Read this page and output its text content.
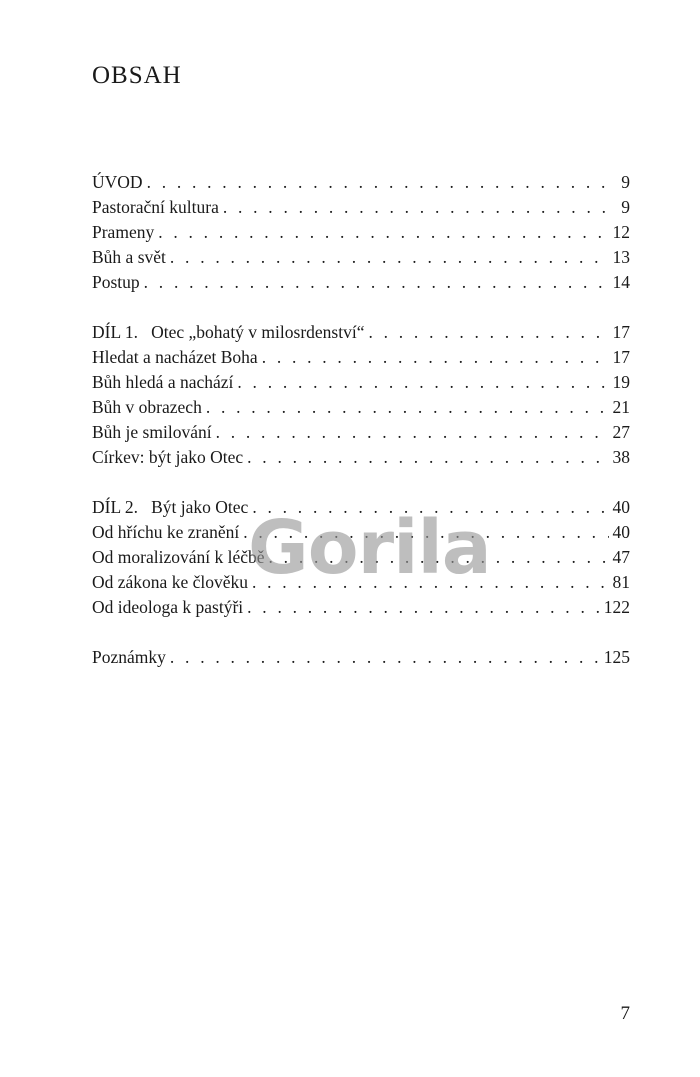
OBSAH
ÚVOD . . .	9
Pastorační kultura . . .	9
Prameny . . .	12
Bůh a svět . . .	13
Postup . . .	14
DÍL 1.   Otec „bohatý v milosrdenství“ . . .	17
Hledat a nacházet Boha . . .	17
Bůh hledá a nachází . . .	19
Bůh v obrazech . . .	21
Bůh je smilování . . .	27
Církev: být jako Otec . . .	38
DÍL 2.   Být jako Otec . . .	40
Od hříchu ke zranění . . .	40
Od moralizování k léčbě . . .	47
Od zákona ke člověku . . .	81
Od ideologa k pastýři . . .	122
Poznámky . . .	125
Gorila
7
